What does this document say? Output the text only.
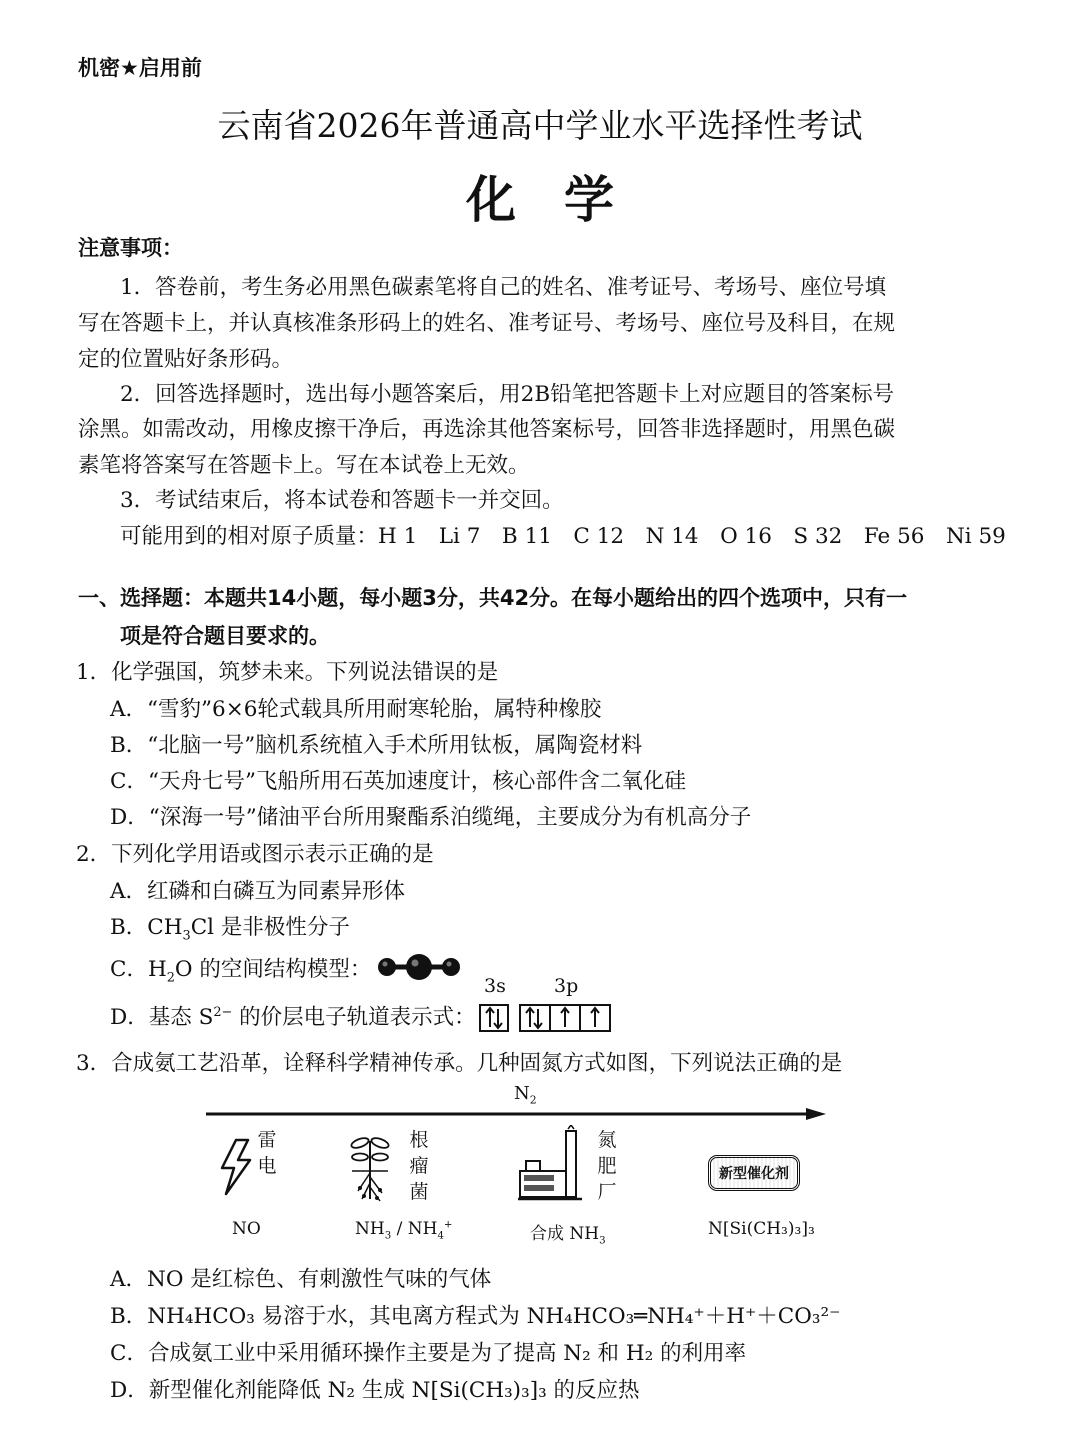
机密★启用前
云南省2026年普通高中学业水平选择性考试
化学
注意事项：
1．答卷前，考生务必用黑色碳素笔将自己的姓名、准考证号、考场号、座位号填
写在答题卡上，并认真核准条形码上的姓名、准考证号、考场号、座位号及科目，在规
定的位置贴好条形码。
2．回答选择题时，选出每小题答案后，用2B铅笔把答题卡上对应题目的答案标号
涂黑。如需改动，用橡皮擦干净后，再选涂其他答案标号，回答非选择题时，用黑色碳
素笔将答案写在答题卡上。写在本试卷上无效。
3．考试结束后，将本试卷和答题卡一并交回。
可能用到的相对原子质量：H 1　Li 7　B 11　C 12　N 14　O 16　S 32　Fe 56　Ni 59
一、选择题：本题共14小题，每小题3分，共42分。在每小题给出的四个选项中，只有一
项是符合题目要求的。
1．化学强国，筑梦未来。下列说法错误的是
A．“雪豹”6×6轮式载具所用耐寒轮胎，属特种橡胶
B．“北脑一号”脑机系统植入手术所用钛板，属陶瓷材料
C．“天舟七号”飞船所用石英加速度计，核心部件含二氧化硅
D．“深海一号”储油平台所用聚酯系泊缆绳，主要成分为有机高分子
2．下列化学用语或图示表示正确的是
A．红磷和白磷互为同素异形体
B．$CH_3Cl$ 是非极性分子
C．$H_2O$ 的空间结构模型：
D．基态 $S^{2-}$ 的价层电子轨道表示式：
3s	3p
3．合成氨工艺沿革，诠释科学精神传承。几种固氮方式如图，下列说法正确的是
$N_2$
雷
电
NO
根
瘤
菌
$NH_3 / NH_4^+$
氮
肥
厂
合成 $NH_3$
新型催化剂
N[Si(CH₃)₃]₃
A．NO 是红棕色、有刺激性气味的气体
B．NH₄HCO₃ 易溶于水，其电离方程式为 NH₄HCO₃═NH₄⁺＋H⁺＋CO₃²⁻
C．合成氨工业中采用循环操作主要是为了提高 N₂ 和 H₂ 的利用率
D．新型催化剂能降低 N₂ 生成 N[Si(CH₃)₃]₃ 的反应热
